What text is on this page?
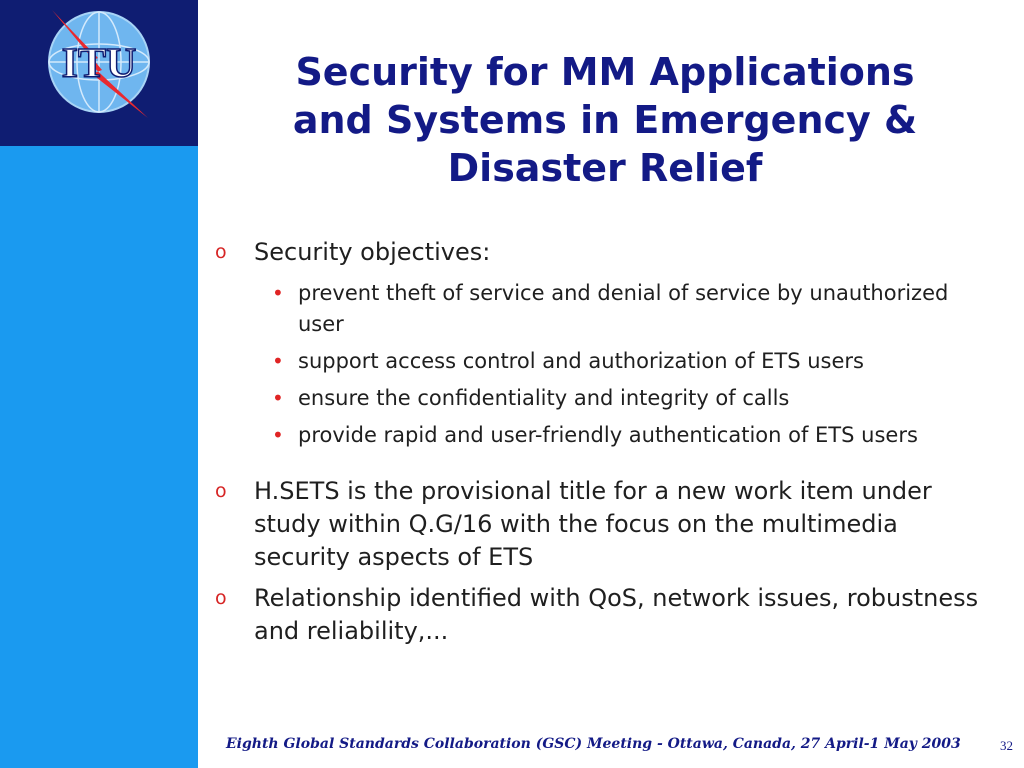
ITU	Security for MM Applications
and Systems in Emergency &
Disaster Relief
o Security objectives:
• prevent theft of service and denial of service by unauthorized user
• support access control and authorization of ETS users
• ensure the confidentiality and integrity of calls
• provide rapid and user-friendly authentication of ETS users
o H.SETS is the provisional title for a new work item under study within Q.G/16 with the focus on the multimedia security aspects of ETS
o Relationship identified with QoS, network issues, robustness and reliability,...
Eighth Global Standards Collaboration (GSC) Meeting - Ottawa, Canada, 27 April-1 May 2003	32
